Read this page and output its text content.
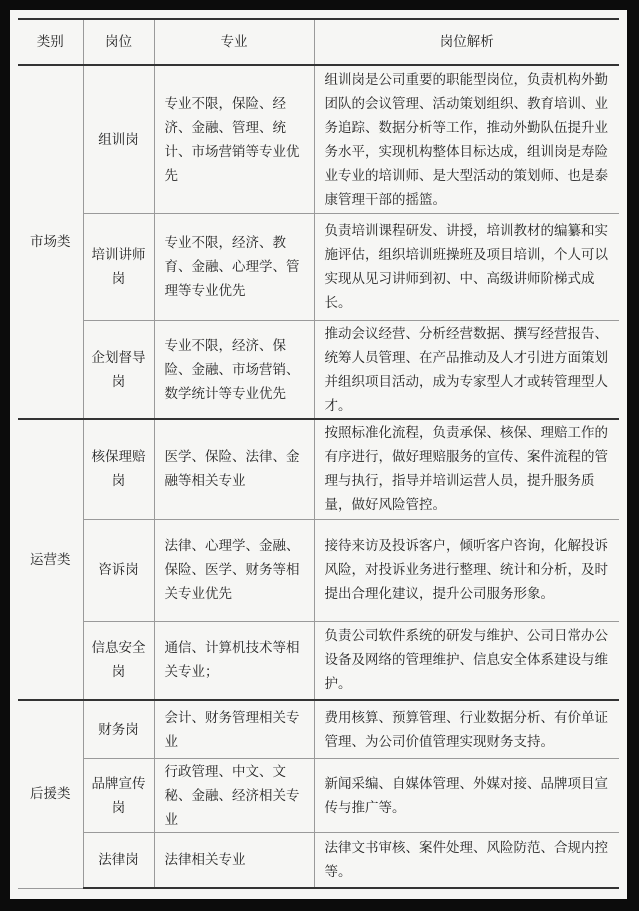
类别	岗位	专业	岗位解析
市场类	组训岗	专业不限，保险、经济、金融、管理、统计、市场营销等专业优先	组训岗是公司重要的职能型岗位，负责机构外勤团队的会议管理、活动策划组织、教育培训、业务追踪、数据分析等工作，推动外勤队伍提升业务水平，实现机构整体目标达成，组训岗是寿险业专业的培训师、是大型活动的策划师、也是泰康管理干部的摇篮。
	培训讲师岗	专业不限，经济、教育、金融、心理学、管理等专业优先	负责培训课程研发、讲授，培训教材的编纂和实施评估，组织培训班操班及项目培训，个人可以实现从见习讲师到初、中、高级讲师阶梯式成长。
	企划督导岗	专业不限，经济、保险、金融、市场营销、数学统计等专业优先	推动会议经营、分析经营数据、撰写经营报告、统筹人员管理、在产品推动及人才引进方面策划并组织项目活动，成为专家型人才或转管理型人才。
运营类	核保理赔岗	医学、保险、法律、金融等相关专业	按照标准化流程，负责承保、核保、理赔工作的有序进行，做好理赔服务的宣传、案件流程的管理与执行，指导并培训运营人员，提升服务质量，做好风险管控。
	咨诉岗	法律、心理学、金融、保险、医学、财务等相关专业优先	接待来访及投诉客户，倾听客户咨询，化解投诉风险，对投诉业务进行整理、统计和分析，及时提出合理化建议，提升公司服务形象。
	信息安全岗	通信、计算机技术等相关专业；	负责公司软件系统的研发与维护、公司日常办公设备及网络的管理维护、信息安全体系建设与维护。
后援类	财务岗	会计、财务管理相关专业	费用核算、预算管理、行业数据分析、有价单证管理、为公司价值管理实现财务支持。
	品牌宣传岗	行政管理、中文、文秘、金融、经济相关专业	新闻采编、自媒体管理、外媒对接、品牌项目宣传与推广等。
	法律岗	法律相关专业	法律文书审核、案件处理、风险防范、合规内控等。
